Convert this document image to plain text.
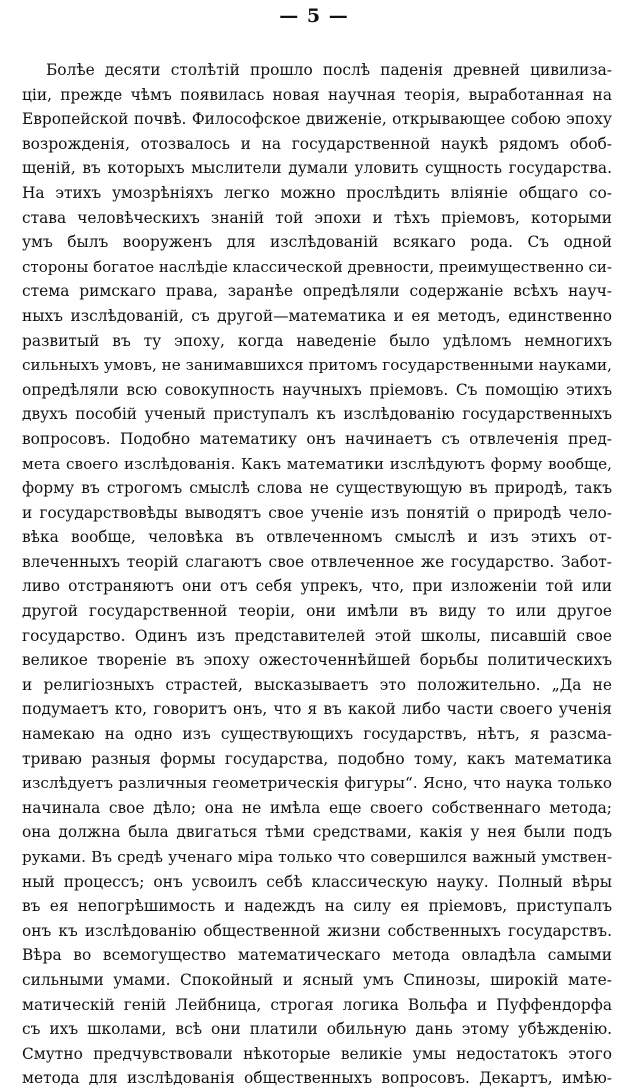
— 5 —
Болѣе десяти столѣтій прошло послѣ паденія древней цивилиза-
ціи, прежде чѣмъ появилась новая научная теорія, выработанная на
Европейской почвѣ. Философское движеніе, открывающее собою эпоху
возрожденія, отозвалось и на государственной наукѣ рядомъ обоб-
щеній, въ которыхъ мыслители думали уловить сущность государства.
На этихъ умозрѣніяхъ легко можно прослѣдить вліяніе общаго со-
става человѣческихъ знаній той эпохи и тѣхъ пріемовъ, которыми
умъ былъ вооруженъ для изслѣдованій всякаго рода. Съ одной
стороны богатое наслѣдіе классической древности, преимущественно си-
стема римскаго права, заранѣе опредѣляли содержаніе всѣхъ науч-
ныхъ изслѣдованій, съ другой—математика и ея методъ, единственно
развитый въ ту эпоху, когда наведеніе было удѣломъ немногихъ
сильныхъ умовъ, не занимавшихся притомъ государственными науками,
опредѣляли всю совокупность научныхъ пріемовъ. Съ помощію этихъ
двухъ пособій ученый приступалъ къ изслѣдованію государственныхъ
вопросовъ. Подобно математику онъ начинаетъ съ отвлеченія пред-
мета своего изслѣдованія. Какъ математики изслѣдуютъ форму вообще,
форму въ строгомъ смыслѣ слова не существующую въ природѣ, такъ
и государствовѣды выводятъ свое ученіе изъ понятій о природѣ чело-
вѣка вообще, человѣка въ отвлеченномъ смыслѣ и изъ этихъ от-
влеченныхъ теорій слагаютъ свое отвлеченное же государство. Забот-
ливо отстраняютъ они отъ себя упрекъ, что, при изложеніи той или
другой государственной теоріи, они имѣли въ виду то или другое
государство. Одинъ изъ представителей этой школы, писавшій свое
великое твореніе въ эпоху ожесточеннѣйшей борьбы политическихъ
и религіозныхъ страстей, высказываетъ это положительно. „Да не
подумаетъ кто, говоритъ онъ, что я въ какой либо части своего ученія
намекаю на одно изъ существующихъ государствъ, нѣтъ, я разсма-
триваю разныя формы государства, подобно тому, какъ математика
изслѣдуетъ различныя геометрическія фигуры“. Ясно, что наука только
начинала свое дѣло; она не имѣла еще своего собственнаго метода;
она должна была двигаться тѣми средствами, какія у нея были подъ
руками. Въ средѣ ученаго міра только что совершился важный умствен-
ный процессъ; онъ усвоилъ себѣ классическую науку. Полный вѣры
въ ея непогрѣшимость и надеждъ на силу ея пріемовъ, приступалъ
онъ къ изслѣдованію общественной жизни собственныхъ государствъ.
Вѣра во всемогущество математическаго метода овладѣла самыми
сильными умами. Спокойный и ясный умъ Спинозы, широкій мате-
матическій геній Лейбница, строгая логика Вольфа и Пуффендорфа
съ ихъ школами, всѣ они платили обильную дань этому убѣжденію.
Смутно предчувствовали нѣкоторые великіе умы недостатокъ этого
метода для изслѣдованія общественныхъ вопросовъ. Декартъ, имѣю-
